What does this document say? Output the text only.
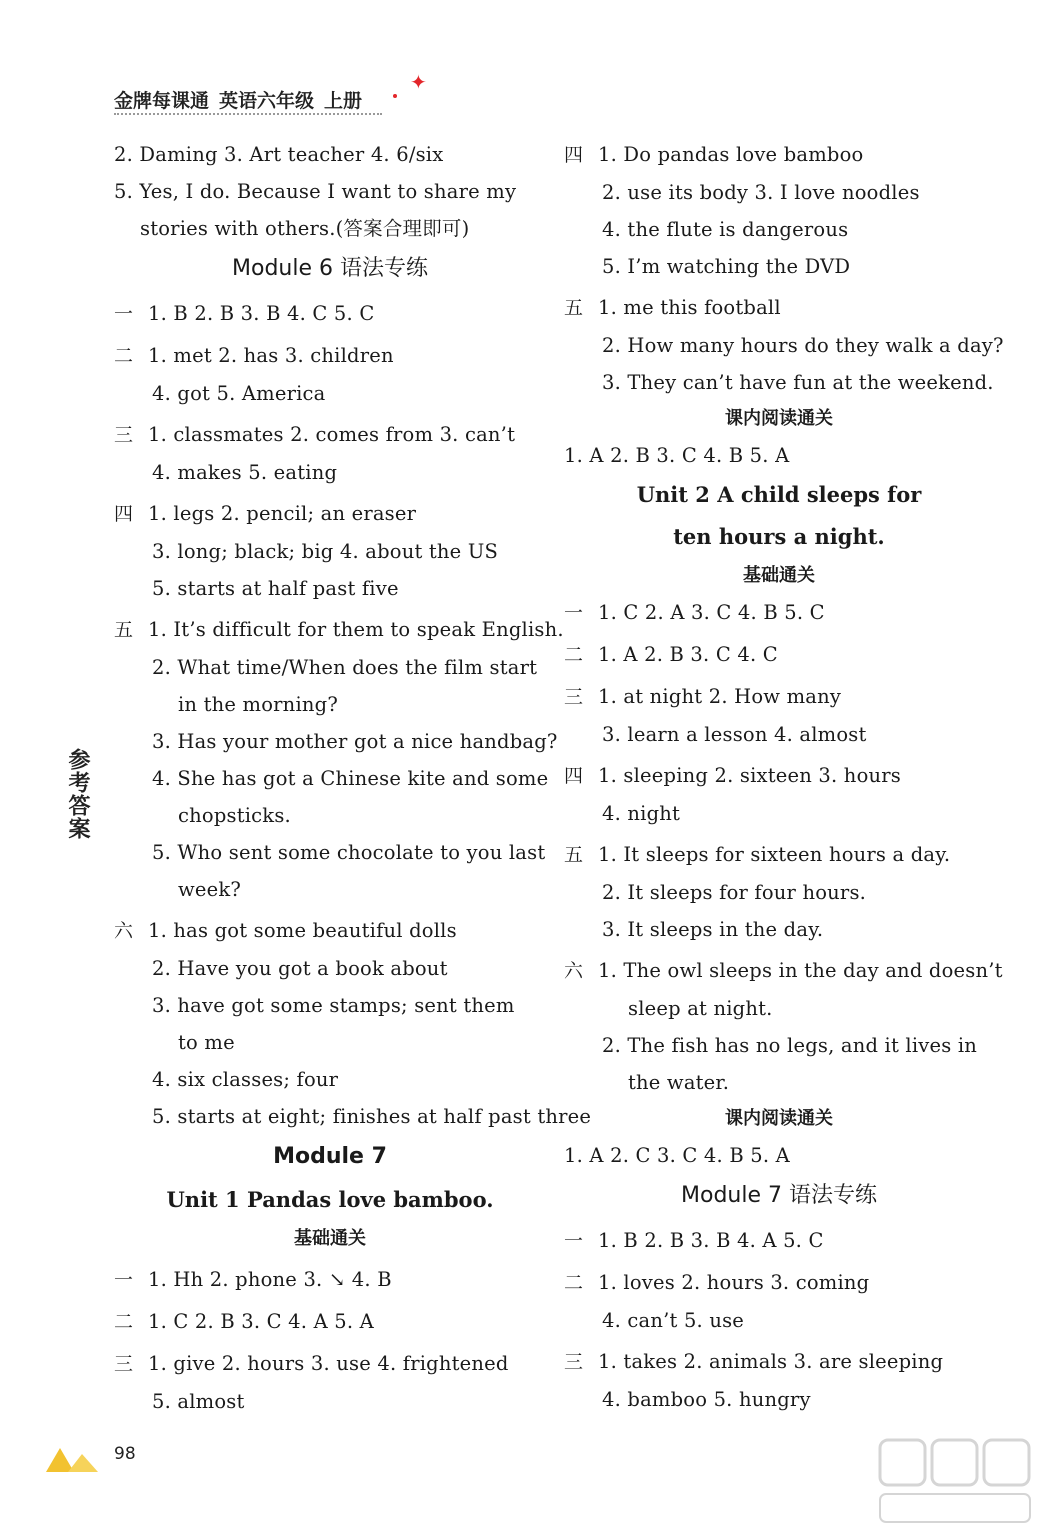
金牌每课通 英语六年级 上册
✦
参考答案
2. Daming 3. Art teacher 4. 6/six
5. Yes, I do. Because I want to share my
stories with others.(答案合理即可)
Module 6 语法专练
一 1. B 2. B 3. B 4. C 5. C
二 1. met 2. has 3. children
4. got 5. America
三 1. classmates 2. comes from 3. can’t
4. makes 5. eating
四 1. legs 2. pencil; an eraser
3. long; black; big 4. about the US
5. starts at half past five
五 1. It’s difficult for them to speak English.
2. What time/When does the film start
in the morning?
3. Has your mother got a nice handbag?
4. She has got a Chinese kite and some
chopsticks.
5. Who sent some chocolate to you last
week?
六 1. has got some beautiful dolls
2. Have you got a book about
3. have got some stamps; sent them
to me
4. six classes; four
5. starts at eight; finishes at half past three
Module 7
Unit 1 Pandas love bamboo.
基础通关
一 1. Hh 2. phone 3. ↘ 4. B
二 1. C 2. B 3. C 4. A 5. A
三 1. give 2. hours 3. use 4. frightened
5. almost
四 1. Do pandas love bamboo
2. use its body 3. I love noodles
4. the flute is dangerous
5. I’m watching the DVD
五 1. me this football
2. How many hours do they walk a day?
3. They can’t have fun at the weekend.
课内阅读通关
1. A 2. B 3. C 4. B 5. A
Unit 2 A child sleeps for
ten hours a night.
基础通关
一 1. C 2. A 3. C 4. B 5. C
二 1. A 2. B 3. C 4. C
三 1. at night 2. How many
3. learn a lesson 4. almost
四 1. sleeping 2. sixteen 3. hours
4. night
五 1. It sleeps for sixteen hours a day.
2. It sleeps for four hours.
3. It sleeps in the day.
六 1. The owl sleeps in the day and doesn’t
sleep at night.
2. The fish has no legs, and it lives in
the water.
课内阅读通关
1. A 2. C 3. C 4. B 5. A
Module 7 语法专练
一 1. B 2. B 3. B 4. A 5. C
二 1. loves 2. hours 3. coming
4. can’t 5. use
三 1. takes 2. animals 3. are sleeping
4. bamboo 5. hungry
98
